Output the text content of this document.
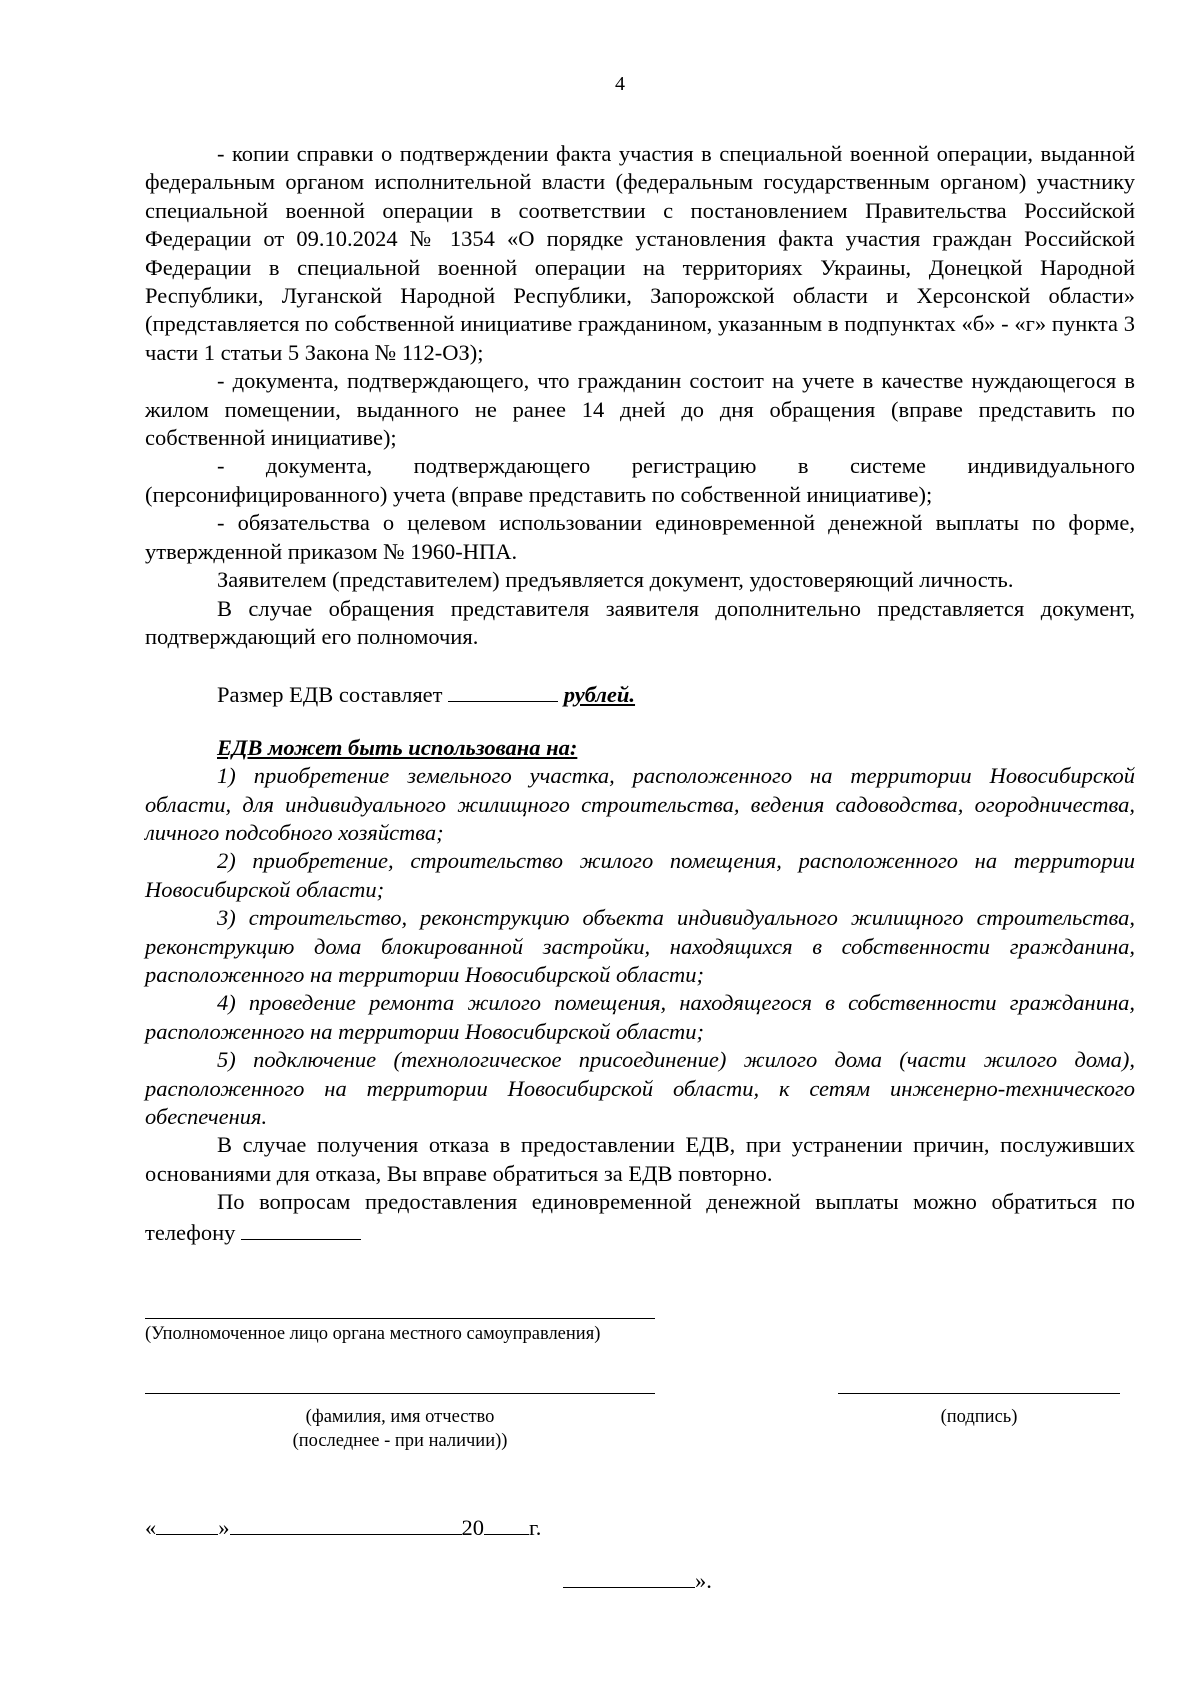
4

- копии справки о подтверждении факта участия в специальной военной операции, выданной федеральным органом исполнительной власти (федеральным государственным органом) участнику специальной военной операции в соответствии с постановлением Правительства Российской Федерации от 09.10.2024 № 1354 «О порядке установления факта участия граждан Российской Федерации в специальной военной операции на территориях Украины, Донецкой Народной Республики, Луганской Народной Республики, Запорожской области и Херсонской области» (представляется по собственной инициативе гражданином, указанным в подпунктах «б» - «г» пункта 3 части 1 статьи 5 Закона № 112-ОЗ);

- документа, подтверждающего, что гражданин состоит на учете в качестве нуждающегося в жилом помещении, выданного не ранее 14 дней до дня обращения (вправе представить по собственной инициативе);

- документа, подтверждающего регистрацию в системе индивидуального (персонифицированного) учета (вправе представить по собственной инициативе);

- обязательства о целевом использовании единовременной денежной выплаты по форме, утвержденной приказом № 1960-НПА.

Заявителем (представителем) предъявляется документ, удостоверяющий личность.

В случае обращения представителя заявителя дополнительно представляется документ, подтверждающий его полномочия.

Размер ЕДВ составляет	рублей.

ЕДВ может быть использована на:

1) приобретение земельного участка, расположенного на территории Новосибирской области, для индивидуального жилищного строительства, ведения садоводства, огородничества, личного подсобного хозяйства;

2) приобретение, строительство жилого помещения, расположенного на территории Новосибирской области;

3) строительство, реконструкцию объекта индивидуального жилищного строительства, реконструкцию дома блокированной застройки, находящихся в собственности гражданина, расположенного на территории Новосибирской области;

4) проведение ремонта жилого помещения, находящегося в собственности гражданина, расположенного на территории Новосибирской области;

5) подключение (технологическое присоединение) жилого дома (части жилого дома), расположенного на территории Новосибирской области, к сетям инженерно-технического обеспечения.

В случае получения отказа в предоставлении ЕДВ, при устранении причин, послуживших основаниями для отказа, Вы вправе обратиться за ЕДВ повторно.

По вопросам предоставления единовременной денежной выплаты можно обратиться по телефону

(Уполномоченное лицо органа местного самоуправления)
(фамилия, имя отчество
(последнее - при наличии))
(подпись)
«	»	20 г.
».
